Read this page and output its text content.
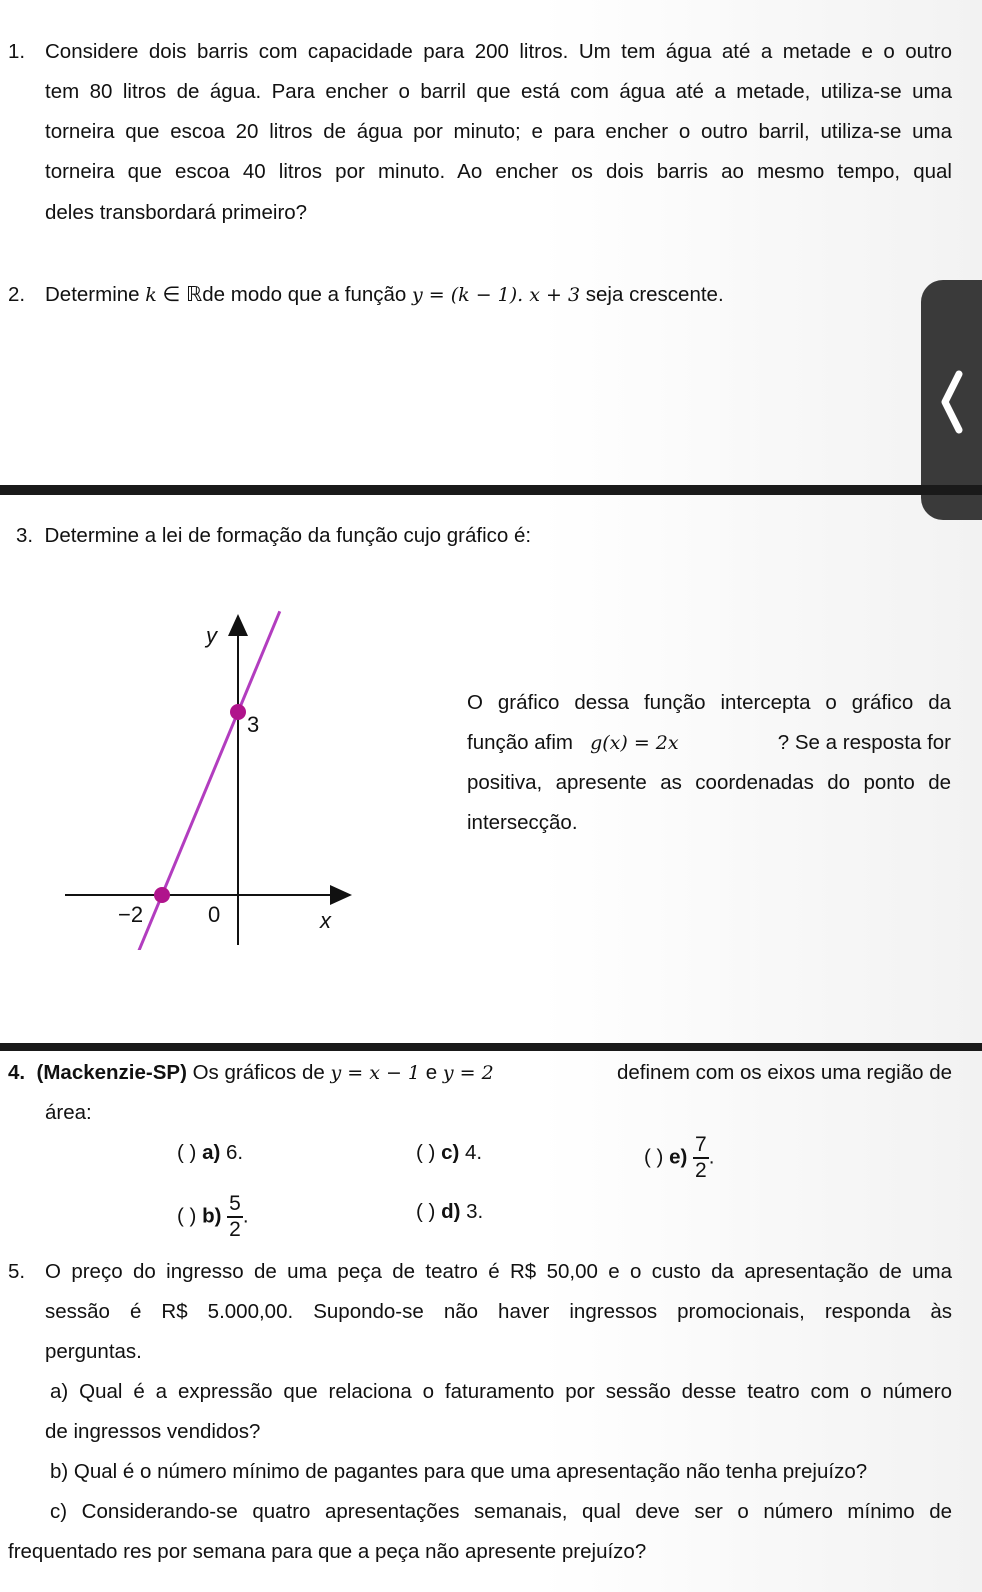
1. Considere dois barris com capacidade para 200 litros. Um tem água até a metade e o outro
tem 80 litros de água. Para encher o barril que está com água até a metade, utiliza-se uma
torneira que escoa 20 litros de água por minuto; e para encher o outro barril, utiliza-se uma
torneira que escoa 40 litros por minuto. Ao encher os dois barris ao mesmo tempo, qual
deles transbordará primeiro?
2. Determine k ∈ ℝde modo que a função y = (k − 1). x + 3 seja crescente.
3. Determine a lei de formação da função cujo gráfico é:
y
x
−2	0
3
O gráfico dessa função intercepta o gráfico da
função afim g(x) = 2x	? Se a resposta for
positiva, apresente as coordenadas do ponto de
intersecção.
4. (Mackenzie-SP) Os gráficos de y = x − 1 e y = 2	definem com os eixos uma região de
área:
( ) a) 6.	( ) c) 4.	( ) $e) \frac{7}{2}$ .
( ) $b) \frac{5}{2}$ .	( ) d) 3.
5. O preço do ingresso de uma peça de teatro é R$ 50,00 e o custo da apresentação de uma
sessão é R$ 5.000,00. Supondo-se não haver ingressos promocionais, responda às
perguntas.
a) Qual é a expressão que relaciona o faturamento por sessão desse teatro com o número
de ingressos vendidos?
b) Qual é o número mínimo de pagantes para que uma apresentação não tenha prejuízo?
c) Considerando-se quatro apresentações semanais, qual deve ser o número mínimo de
frequentado res por semana para que a peça não apresente prejuízo?
